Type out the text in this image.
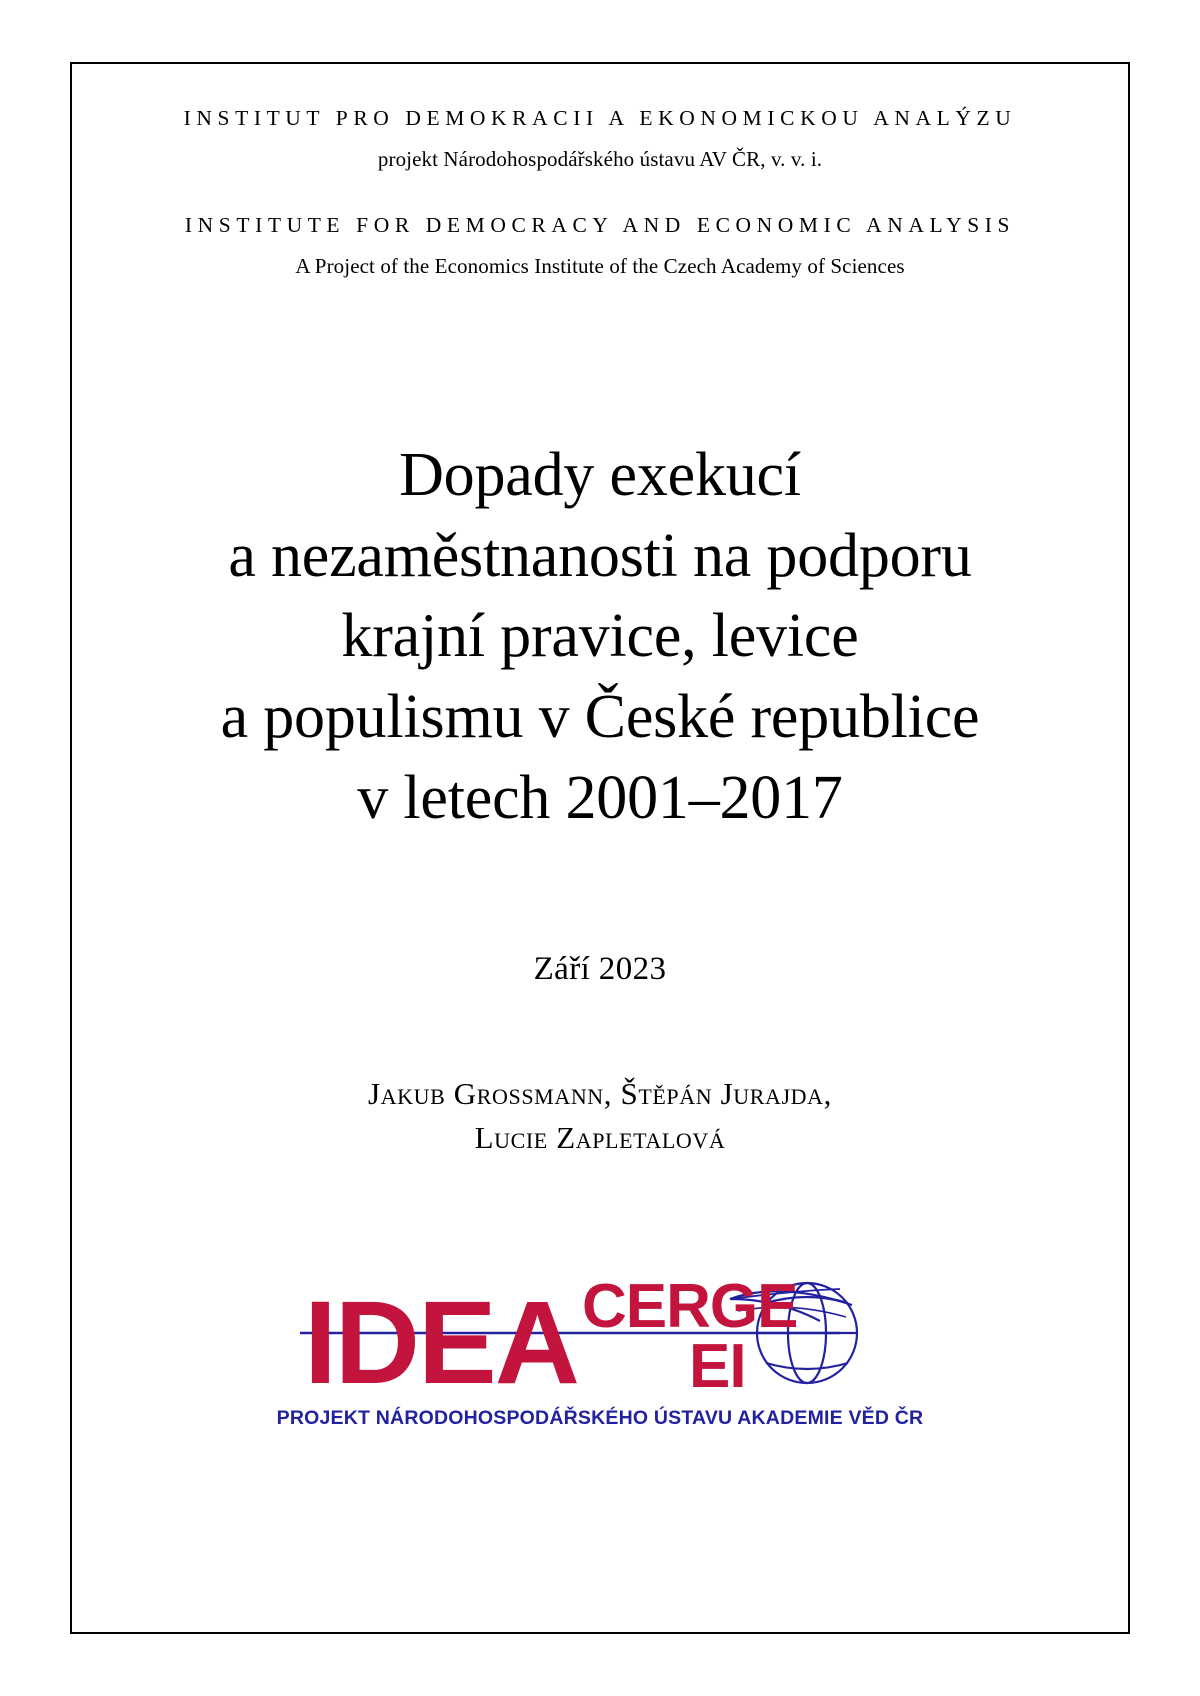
INSTITUT PRO DEMOKRACII A EKONOMICKOU ANALÝZU
projekt Národohospodářského ústavu AV ČR, v. v. i.
INSTITUTE FOR DEMOCRACY AND ECONOMIC ANALYSIS
A Project of the Economics Institute of the Czech Academy of Sciences
Dopady exekucí
a nezaměstnanosti na podporu
krajní pravice, levice
a populismu v České republice
v letech 2001–2017
Září 2023
Jakub Grossmann, Štěpán Jurajda,
Lucie Zapletalová
IDEA CERGE
EI
PROJEKT NÁRODOHOSPODÁŘSKÉHO ÚSTAVU AKADEMIE VĚD ČR
